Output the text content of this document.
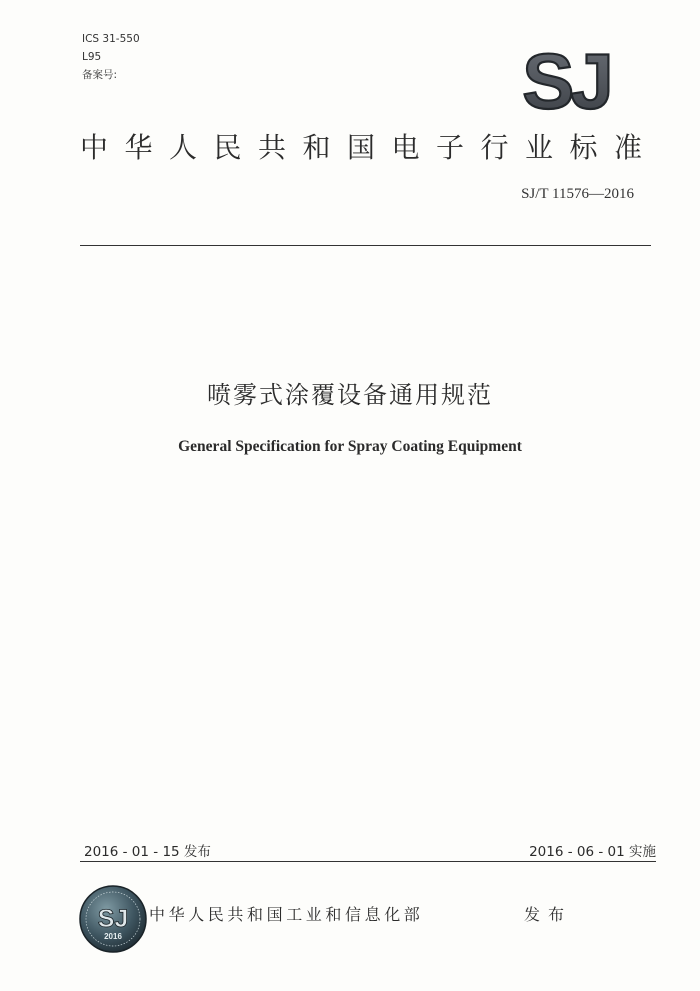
ICS 31-550
L95
备案号:	SJ
中华人民共和国电子行业标准
SJ/T 11576—2016
喷雾式涂覆设备通用规范
General Specification for Spray Coating Equipment
2016 - 01 - 15 发布	2016 - 06 - 01 实施
SJ
2016
中华人民共和国工业和信息化部	发布
